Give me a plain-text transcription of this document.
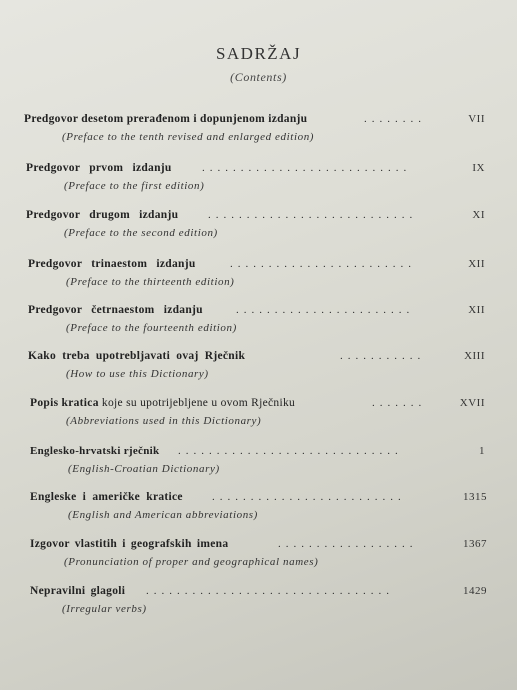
SADRŽAJ
(Contents)
Predgovor desetom prerađenom i dopunjenom izdanju	........	VII
(Preface to the tenth revised and enlarged edition)
Predgovor prvom izdanju	...........................	IX
(Preface to the first edition)
Predgovor drugom izdanju	...........................	XI
(Preface to the second edition)
Predgovor trinaestom izdanju	........................	XII
(Preface to the thirteenth edition)
Predgovor četrnaestom izdanju	.......................	XII
(Preface to the fourteenth edition)
Kako treba upotrebljavati ovaj Rječnik	...........	XIII
(How to use this Dictionary)
Popis kratica koje su upotrijebljene u ovom Rječniku	.......	XVII
(Abbreviations used in this Dictionary)
Englesko-hrvatski rječnik .............................	1
(English-Croatian Dictionary)
Engleske i američke kratice	.........................	1315
(English and American abbreviations)
Izgovor vlastitih i geografskih imena	..................	1367
(Pronunciation of proper and geographical names)
Nepravilni glagoli ................................	1429
(Irregular verbs)
